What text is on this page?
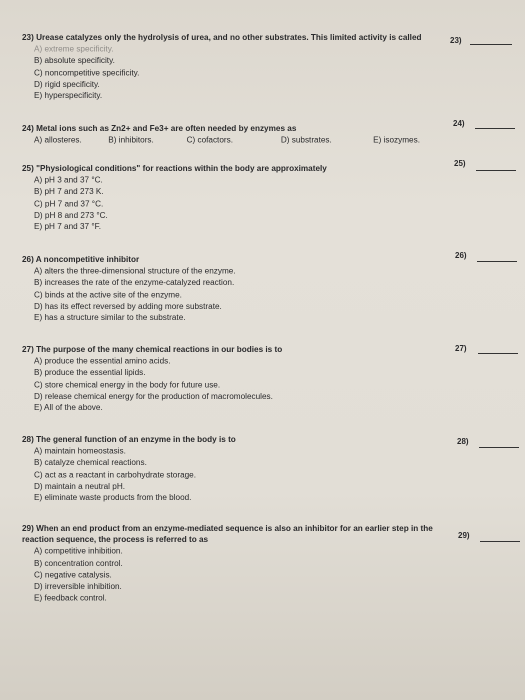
23) Urease catalyzes only the hydrolysis of urea, and no other substrates. This limited activity is called
A) extreme specificity.
B) absolute specificity.
C) noncompetitive specificity.
D) rigid specificity.
E) hyperspecificity.
23)
24) Metal ions such as Zn2+ and Fe3+ are often needed by enzymes as
A) allosteres.	B) inhibitors.	C) cofactors.	D) substrates.	E) isozymes.
24)
25) "Physiological conditions" for reactions within the body are approximately
A) pH 3 and 37 °C.
B) pH 7 and 273 K.
C) pH 7 and 37 °C.
D) pH 8 and 273 °C.
E) pH 7 and 37 °F.
25)
26) A noncompetitive inhibitor
A) alters the three-dimensional structure of the enzyme.
B) increases the rate of the enzyme-catalyzed reaction.
C) binds at the active site of the enzyme.
D) has its effect reversed by adding more substrate.
E) has a structure similar to the substrate.
26)
27) The purpose of the many chemical reactions in our bodies is to
A) produce the essential amino acids.
B) produce the essential lipids.
C) store chemical energy in the body for future use.
D) release chemical energy for the production of macromolecules.
E) All of the above.
27)
28) The general function of an enzyme in the body is to
A) maintain homeostasis.
B) catalyze chemical reactions.
C) act as a reactant in carbohydrate storage.
D) maintain a neutral pH.
E) eliminate waste products from the blood.
28)
29) When an end product from an enzyme-mediated sequence is also an inhibitor for an earlier step in the reaction sequence, the process is referred to as
A) competitive inhibition.
B) concentration control.
C) negative catalysis.
D) irreversible inhibition.
E) feedback control.
29)
